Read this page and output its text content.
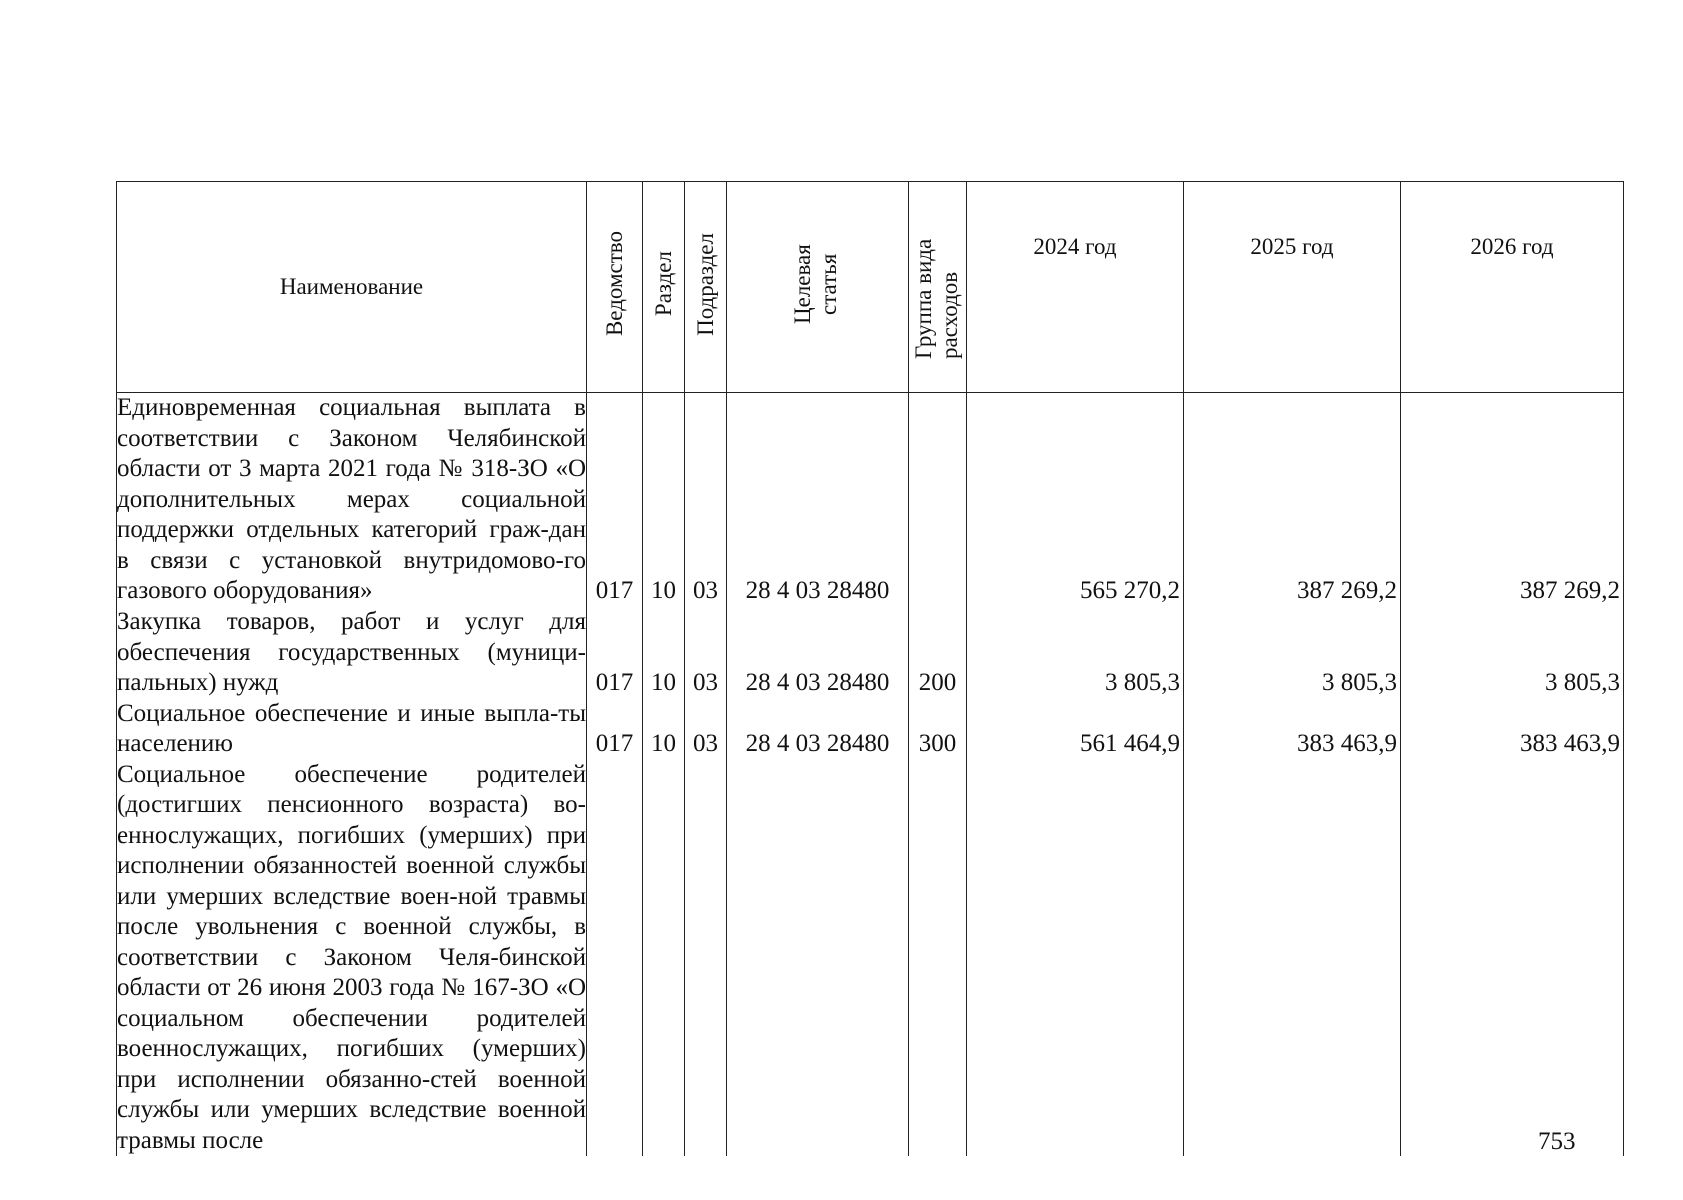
Наименование	Ведомство	Раздел	Подраздел	Целевая статья	Группа вида расходов	2024 год	2025 год	2026 год
Единовременная социальная выплата в соответствии с Законом Челябинской области от 3 марта 2021 года № 318-ЗО «О дополнительных мерах социальной поддержки отдельных категорий граж-дан в связи с установкой внутридомово-го газового оборудования»	017	10	03	28 4 03 28480		565 270,2	387 269,2	387 269,2
Закупка товаров, работ и услуг для обеспечения государственных (муници-пальных) нужд	017	10	03	28 4 03 28480	200	3 805,3	3 805,3	3 805,3
Социальное обеспечение и иные выпла-ты населению	017	10	03	28 4 03 28480	300	561 464,9	383 463,9	383 463,9
Социальное обеспечение родителей (достигших пенсионного возраста) во-еннослужащих, погибших (умерших) при исполнении обязанностей военной службы или умерших вследствие воен-ной травмы после увольнения с военной службы, в соответствии с Законом Челя-бинской области от 26 июня 2003 года № 167-ЗО «О социальном обеспечении родителей военнослужащих, погибших (умерших) при исполнении обязанно-стей военной службы или умерших вследствие военной травмы после									753
